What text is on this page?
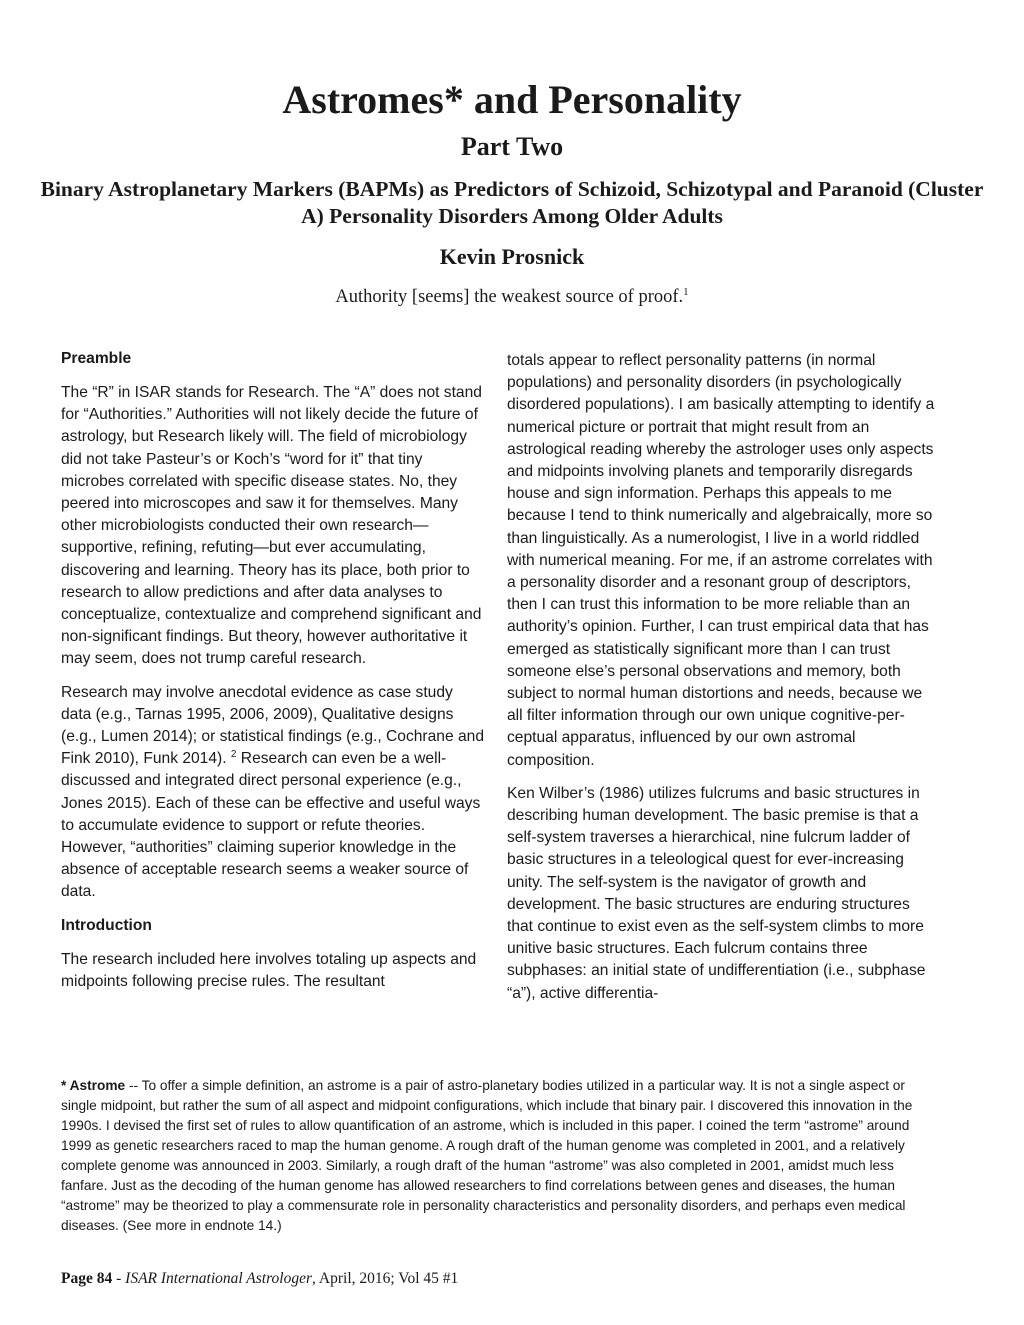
Astromes* and Personality
Part Two
Binary Astroplanetary Markers (BAPMs) as Predictors of Schizoid, Schizotypal and Paranoid (Cluster A) Personality Disorders Among Older Adults
Kevin Prosnick
Authority [seems] the weakest source of proof.$^1$
Preamble

The “R” in ISAR stands for Research. The “A” does not stand for “Authorities.” Authorities will not likely decide the future of astrology, but Research likely will. The field of microbiology did not take Pasteur’s or Koch’s “word for it” that tiny microbes correlated with specific disease states. No, they peered into microscopes and saw it for themselves. Many other microbiologists conducted their own research—supportive, refining, refuting—but ever accumulating, discovering and learning. Theory has its place, both prior to research to allow predictions and after data analyses to conceptualize, contextualize and comprehend significant and non-significant findings. But theory, however authoritative it may seem, does not trump careful research.

Research may involve anecdotal evidence as case study data (e.g., Tarnas 1995, 2006, 2009), Qualitative designs (e.g., Lumen 2014); or statistical findings (e.g., Cochrane and Fink 2010), Funk 2014). $^2$ Research can even be a well-discussed and integrated direct personal experience (e.g., Jones 2015). Each of these can be effective and useful ways to accumulate evidence to support or refute theories. However, “authorities” claiming superior knowledge in the absence of acceptable research seems a weaker source of data.

Introduction

The research included here involves totaling up aspects and midpoints following precise rules. The resultant

totals appear to reflect personality patterns (in normal populations) and personality disorders (in psychologically disordered populations). I am basically attempting to identify a numerical picture or portrait that might result from an astrological reading whereby the astrologer uses only aspects and midpoints involving planets and temporarily disregards house and sign information. Perhaps this appeals to me because I tend to think numerically and algebraically, more so than linguistically. As a numerologist, I live in a world riddled with numerical meaning. For me, if an astrome correlates with a personality disorder and a resonant group of descriptors, then I can trust this information to be more reliable than an authority’s opinion. Further, I can trust empirical data that has emerged as statistically significant more than I can trust someone else’s personal observations and memory, both subject to normal human distortions and needs, because we all filter information through our own unique cognitive-perceptual apparatus, influenced by our own astromal composition.

Ken Wilber’s (1986) utilizes fulcrums and basic structures in describing human development. The basic premise is that a self-system traverses a hierarchical, nine fulcrum ladder of basic structures in a teleological quest for ever-increasing unity. The self-system is the navigator of growth and development. The basic structures are enduring structures that continue to exist even as the self-system climbs to more unitive basic structures. Each fulcrum contains three subphases: an initial state of undifferentiation (i.e., subphase “a”), active differentia-

* Astrome -- To offer a simple definition, an astrome is a pair of astro-planetary bodies utilized in a particular way. It is not a single aspect or single midpoint, but rather the sum of all aspect and midpoint configurations, which include that binary pair. I discovered this innovation in the 1990s. I devised the first set of rules to allow quantification of an astrome, which is included in this paper. I coined the term “astrome” around 1999 as genetic researchers raced to map the human genome. A rough draft of the human genome was completed in 2001, and a relatively complete genome was announced in 2003. Similarly, a rough draft of the human “astrome” was also completed in 2001, amidst much less fanfare. Just as the decoding of the human genome has allowed researchers to find correlations between genes and diseases, the human “astrome” may be theorized to play a commensurate role in personality characteristics and personality disorders, and perhaps even medical diseases. (See more in endnote 14.)

Page 84 - ISAR International Astrologer, April, 2016; Vol 45 #1
